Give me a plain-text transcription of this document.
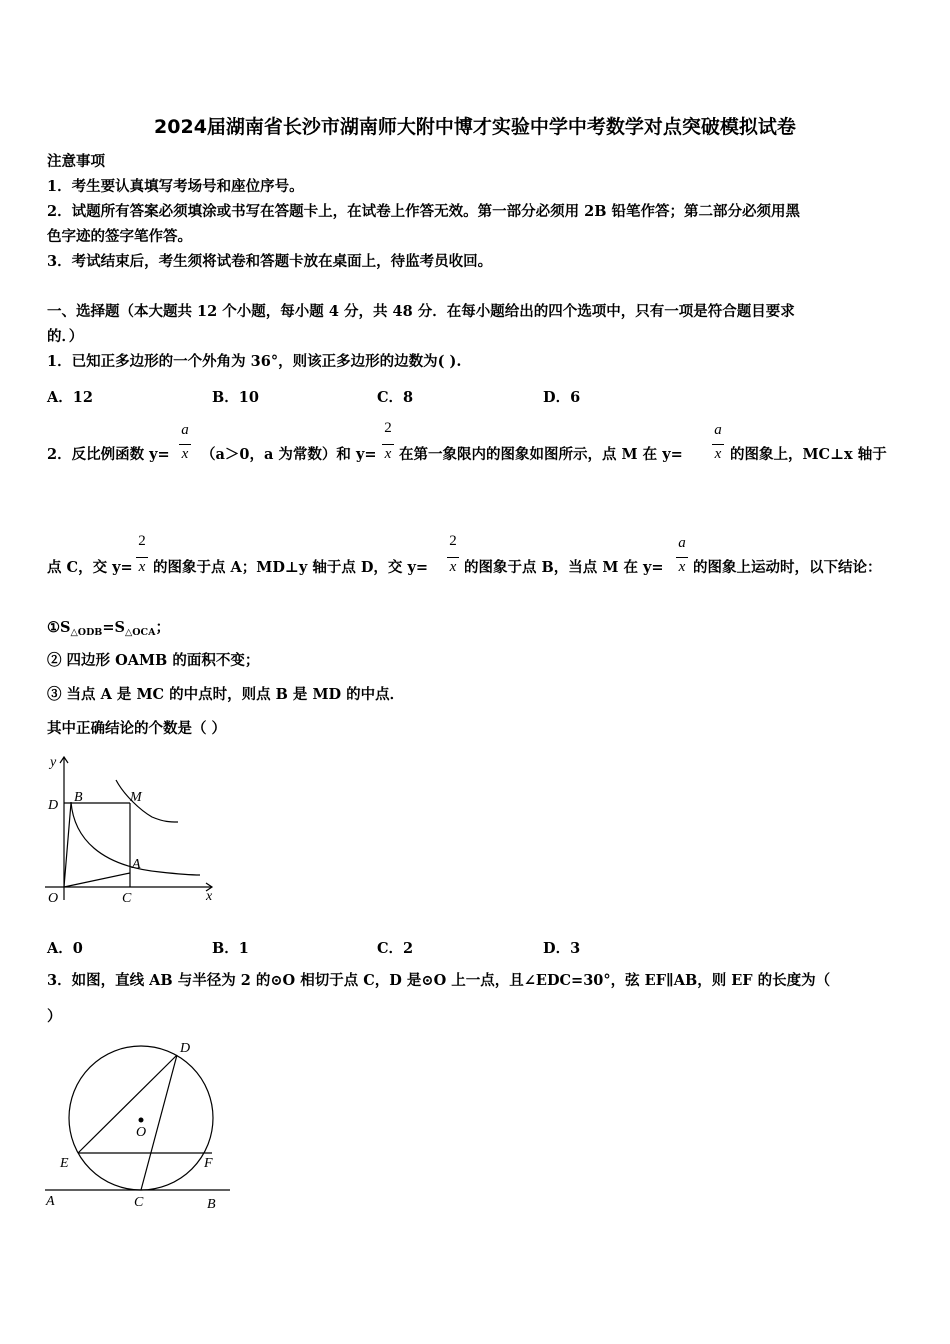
2024届湖南省长沙市湖南师大附中博才实验中学中考数学对点突破模拟试卷
注意事项
1．考生要认真填写考场号和座位序号。
2．试题所有答案必须填涂或书写在答题卡上，在试卷上作答无效。第一部分必须用 2B 铅笔作答；第二部分必须用黑
色字迹的签字笔作答。
3．考试结束后，考生须将试卷和答题卡放在桌面上，待监考员收回。
一、选择题（本大题共 12 个小题，每小题 4 分，共 48 分．在每小题给出的四个选项中，只有一项是符合题目要求
的．）
1．已知正多边形的一个外角为 36°，则该正多边形的边数为( ).
A．12	B．10	C．8	D．6
2．反比例函数 y=
a
x （a＞0，a 为常数）和 y=
2
x 在第一象限内的图象如图所示，点 M 在 y=
a
x 的图象上，MC⊥x 轴于
点 C，交 y=
2
x 的图象于点 A；MD⊥y 轴于点 D，交 y=
2
x 的图象于点 B，当点 M 在 y=
a
x 的图象上运动时，以下结论：
$①S_{\triangle ODB}=S_{\triangle OCA}$；
② 四边形 OAMB 的面积不变；
③ 当点 A 是 MC 的中点时，则点 B 是 MD 的中点．
其中正确结论的个数是（ ）
y
x
O	C
D
B	M
A
A．0	B．1	C．2	D．3
3．如图，直线 AB 与半径为 2 的⊙O 相切于点 C，D 是⊙O 上一点，且∠EDC=30°，弦 EF∥AB，则 EF 的长度为（
）
D
O
E	F
A	C	B
